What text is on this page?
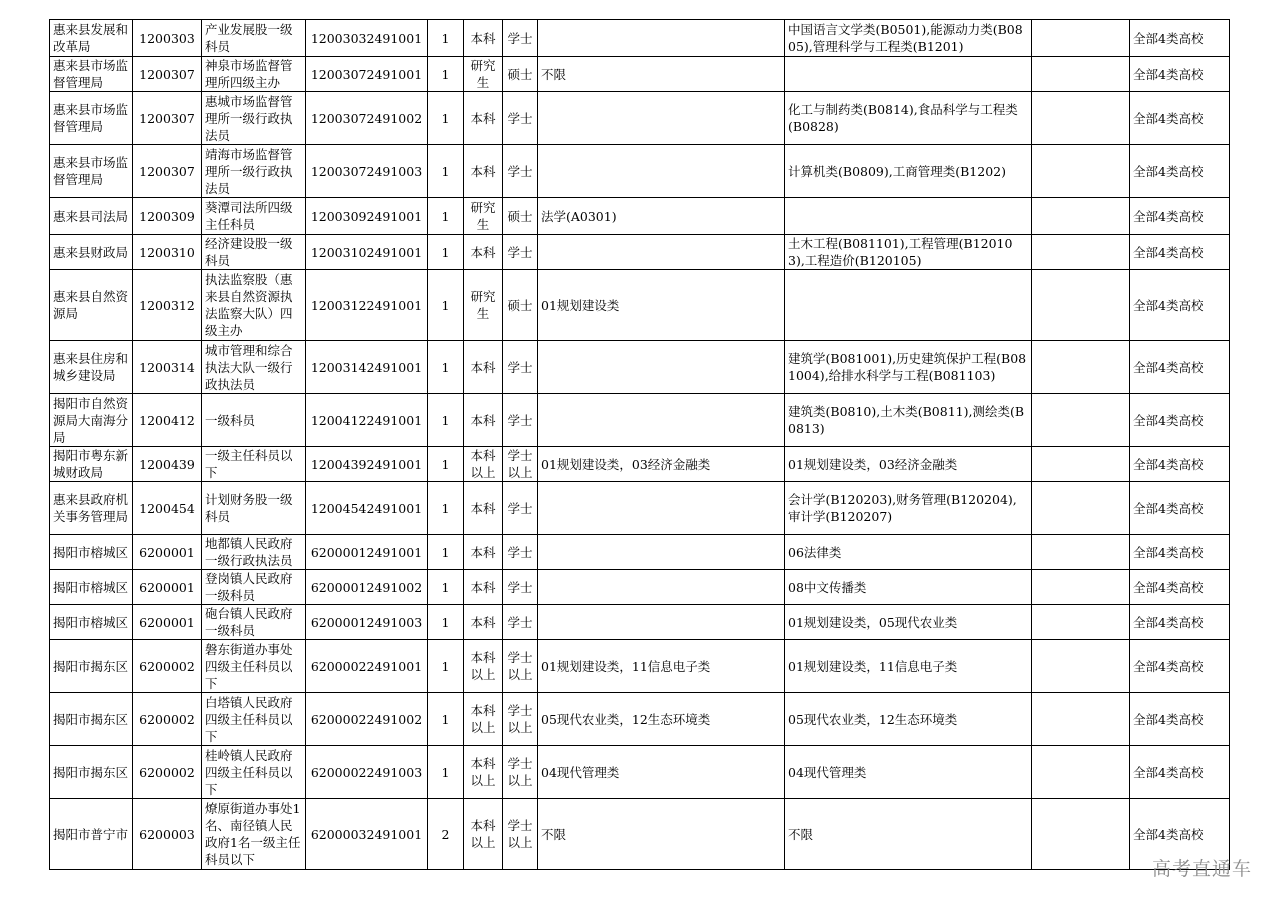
惠来县发展和改革局	1200303	产业发展股一级科员	12003032491001	1	本科	学士		中国语言文学类(B0501),能源动力类(B0805),管理科学与工程类(B1201)		全部4类高校
惠来县市场监督管理局	1200307	神泉市场监督管理所四级主办	12003072491001	1	研究生	硕士	不限			全部4类高校
惠来县市场监督管理局	1200307	惠城市场监督管理所一级行政执法员	12003072491002	1	本科	学士		化工与制药类(B0814),食品科学与工程类(B0828)		全部4类高校
惠来县市场监督管理局	1200307	靖海市场监督管理所一级行政执法员	12003072491003	1	本科	学士		计算机类(B0809),工商管理类(B1202)		全部4类高校
惠来县司法局	1200309	葵潭司法所四级主任科员	12003092491001	1	研究生	硕士	法学(A0301)			全部4类高校
惠来县财政局	1200310	经济建设股一级科员	12003102491001	1	本科	学士		土木工程(B081101),工程管理(B120103),工程造价(B120105)		全部4类高校
惠来县自然资源局	1200312	执法监察股（惠来县自然资源执法监察大队）四级主办	12003122491001	1	研究生	硕士	01规划建设类			全部4类高校
惠来县住房和城乡建设局	1200314	城市管理和综合执法大队一级行政执法员	12003142491001	1	本科	学士		建筑学(B081001),历史建筑保护工程(B081004),给排水科学与工程(B081103)		全部4类高校
揭阳市自然资源局大南海分局	1200412	一级科员	12004122491001	1	本科	学士		建筑类(B0810),土木类(B0811),测绘类(B0813)		全部4类高校
揭阳市粤东新城财政局	1200439	一级主任科员以下	12004392491001	1	本科以上	学士以上	01规划建设类，03经济金融类	01规划建设类，03经济金融类		全部4类高校
惠来县政府机关事务管理局	1200454	计划财务股一级科员	12004542491001	1	本科	学士		会计学(B120203),财务管理(B120204),审计学(B120207)		全部4类高校
揭阳市榕城区	6200001	地都镇人民政府一级行政执法员	62000012491001	1	本科	学士		06法律类		全部4类高校
揭阳市榕城区	6200001	登岗镇人民政府一级科员	62000012491002	1	本科	学士		08中文传播类		全部4类高校
揭阳市榕城区	6200001	砲台镇人民政府一级科员	62000012491003	1	本科	学士		01规划建设类，05现代农业类		全部4类高校
揭阳市揭东区	6200002	磐东街道办事处四级主任科员以下	62000022491001	1	本科以上	学士以上	01规划建设类，11信息电子类	01规划建设类，11信息电子类		全部4类高校
揭阳市揭东区	6200002	白塔镇人民政府四级主任科员以下	62000022491002	1	本科以上	学士以上	05现代农业类，12生态环境类	05现代农业类，12生态环境类		全部4类高校
揭阳市揭东区	6200002	桂岭镇人民政府四级主任科员以下	62000022491003	1	本科以上	学士以上	04现代管理类	04现代管理类		全部4类高校
揭阳市普宁市	6200003	燎原街道办事处1名、南径镇人民政府1名一级主任科员以下	62000032491001	2	本科以上	学士以上	不限	不限		全部4类高校
高考直通车
